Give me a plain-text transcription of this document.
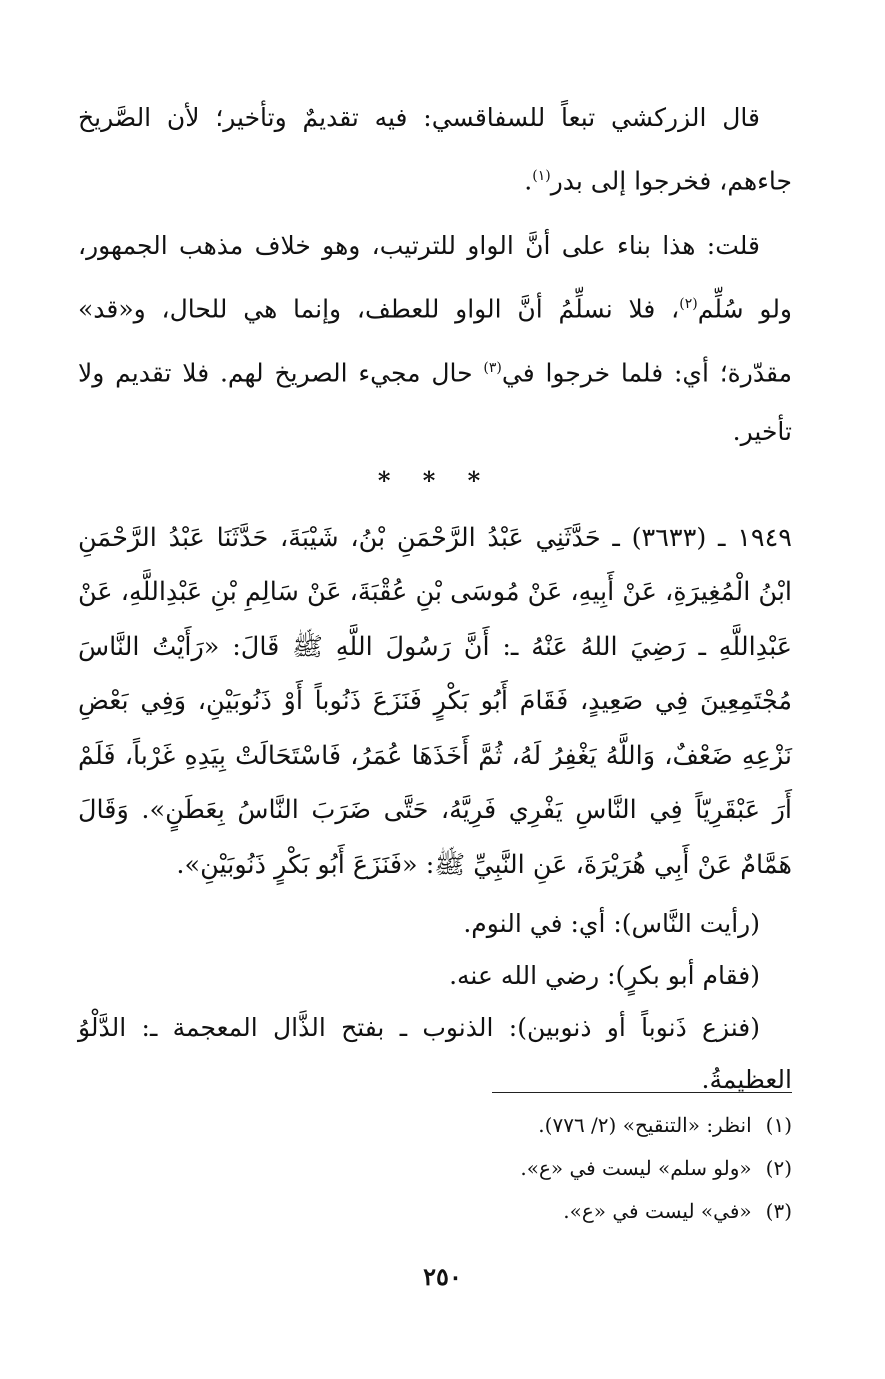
قال الزركشي تبعاً للسفاقسي: فيه تقديمٌ وتأخير؛ لأن الصَّريخ جاءهم، فخرجوا إلى بدر$^{(١)}$.

قلت: هذا بناء على أنَّ الواو للترتيب، وهو خلاف مذهب الجمهور، ولو سُلِّم$^{(٢)}$، فلا نسلِّمُ أنَّ الواو للعطف، وإنما هي للحال، و«قد» مقدّرة؛ أي: فلما خرجوا في$^{(٣)}$ حال مجيء الصريخ لهم. فلا تقديم ولا تأخير.

* * *

١٩٤٩ ـ (٣٦٣٣) ـ حَدَّثَنِي عَبْدُ الرَّحْمَنِ بْنُ، شَيْبَةَ، حَدَّثَنَا عَبْدُ الرَّحْمَنِ ابْنُ الْمُغِيرَةِ، عَنْ أَبِيهِ، عَنْ مُوسَى بْنِ عُقْبَةَ، عَنْ سَالِمِ بْنِ عَبْدِاللَّهِ، عَنْ عَبْدِاللَّهِ ـ رَضِيَ اللهُ عَنْهُ ـ: أَنَّ رَسُولَ اللَّهِ ﷺ قَالَ: «رَأَيْتُ النَّاسَ مُجْتَمِعِينَ فِي صَعِيدٍ، فَقَامَ أَبُو بَكْرٍ فَنَزَعَ ذَنُوباً أَوْ ذَنُوبَيْنِ، وَفِي بَعْضِ نَزْعِهِ ضَعْفٌ، وَاللَّهُ يَغْفِرُ لَهُ، ثُمَّ أَخَذَهَا عُمَرُ، فَاسْتَحَالَتْ بِيَدِهِ غَرْباً، فَلَمْ أَرَ عَبْقَرِيّاً فِي النَّاسِ يَفْرِي فَرِيَّهُ، حَتَّى ضَرَبَ النَّاسُ بِعَطَنٍ». وَقَالَ هَمَّامٌ عَنْ أَبِي هُرَيْرَةَ، عَنِ النَّبِيِّ ﷺ: «فَنَزَعَ أَبُو بَكْرٍ ذَنُوبَيْنِ».

(رأيت النَّاس): أي: في النوم.

(فقام أبو بكرٍ): رضي الله عنه.

(فنزع ذَنوباً أو ذنوبين): الذنوب ـ بفتح الذَّال المعجمة ـ: الدَّلْوُ العظيمةُ.

(١)انظر: «التنقيح» (٢/ ٧٧٦).

(٢)«ولو سلم» ليست في «ع».

(٣)«في» ليست في «ع».

٢٥٠
